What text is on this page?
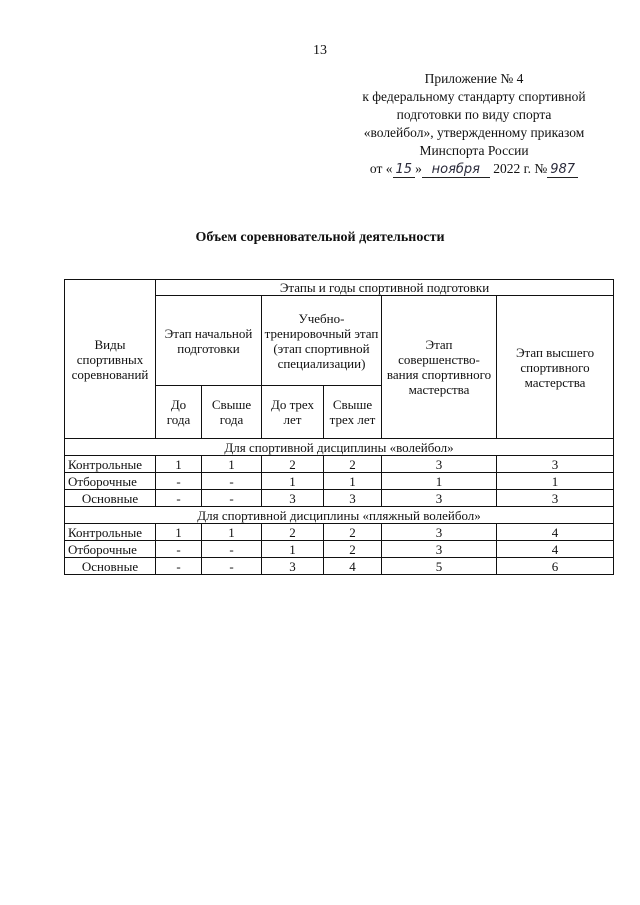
13
Приложение № 4
к федеральному стандарту спортивной
подготовки по виду спорта
«волейбол», утвержденному приказом
Минспорта России
от « 15 » ноября 2022 г. № 987
Объем соревновательной деятельности
Виды спортивных соревнований	Этапы и годы спортивной подготовки					
	Этап начальной подготовки		Учебно-тренировочный этап (этап спортивной специализации)		Этап совершенство-вания спортивного мастерства	Этап высшего спортивного мастерства
	До года	Свыше года	До трех лет	Свыше трех лет		
Для спортивной дисциплины «волейбол»						
Контрольные	1	1	2	2	3	3
Отборочные	-	-	1	1	1	1
Основные	-	-	3	3	3	3
Для спортивной дисциплины «пляжный волейбол»						
Контрольные	1	1	2	2	3	4
Отборочные	-	-	1	2	3	4
Основные	-	-	3	4	5	6
